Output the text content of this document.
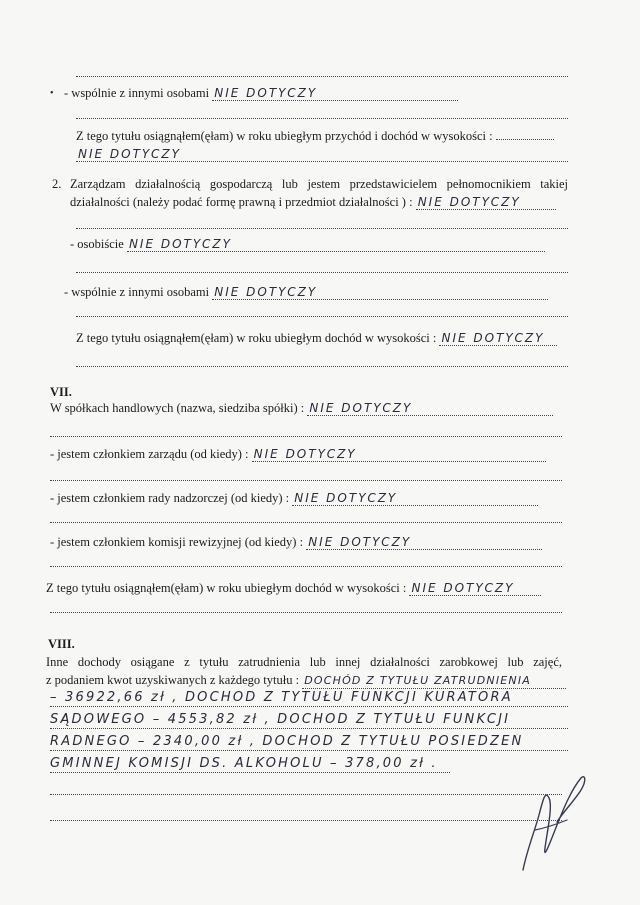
• - wspólnie z innymi osobami NIE DOTYCZY
Z tego tytułu osiągnąłem(ęłam) w roku ubiegłym przychód i dochód w wysokości :
NIE DOTYCZY
2. Zarządzam działalnością gospodarczą lub jestem przedstawicielem pełnomocnikiem takiej
działalności (należy podać formę prawną i przedmiot działalności ) : NIE DOTYCZY
- osobiście NIE DOTYCZY
- wspólnie z innymi osobami NIE DOTYCZY
Z tego tytułu osiągnąłem(ęłam) w roku ubiegłym dochód w wysokości : NIE DOTYCZY
VII.
W spółkach handlowych (nazwa, siedziba spółki) : NIE DOTYCZY
- jestem członkiem zarządu (od kiedy) : NIE DOTYCZY
- jestem członkiem rady nadzorczej (od kiedy) : NIE DOTYCZY
- jestem członkiem komisji rewizyjnej (od kiedy) : NIE DOTYCZY
Z tego tytułu osiągnąłem(ęłam) w roku ubiegłym dochód w wysokości : NIE DOTYCZY
VIII.
Inne dochody osiągane z tytułu zatrudnienia lub innej działalności zarobkowej lub zajęć,
z podaniem kwot uzyskiwanych z każdego tytułu : DOCHÓD Z TYTUŁU ZATRUDNIENIA
– 36922,66 zł , DOCHÓD Z TYTUŁU FUNKCJI KURATORA
SĄDOWEGO – 4553,82 zł , DOCHÓD Z TYTUŁU FUNKCJI
RADNEGO – 2340,00 zł , DOCHÓD Z TYTUŁU POSIEDZEŃ
GMINNEJ KOMISJI DS. ALKOHOLU – 378,00 zł .
